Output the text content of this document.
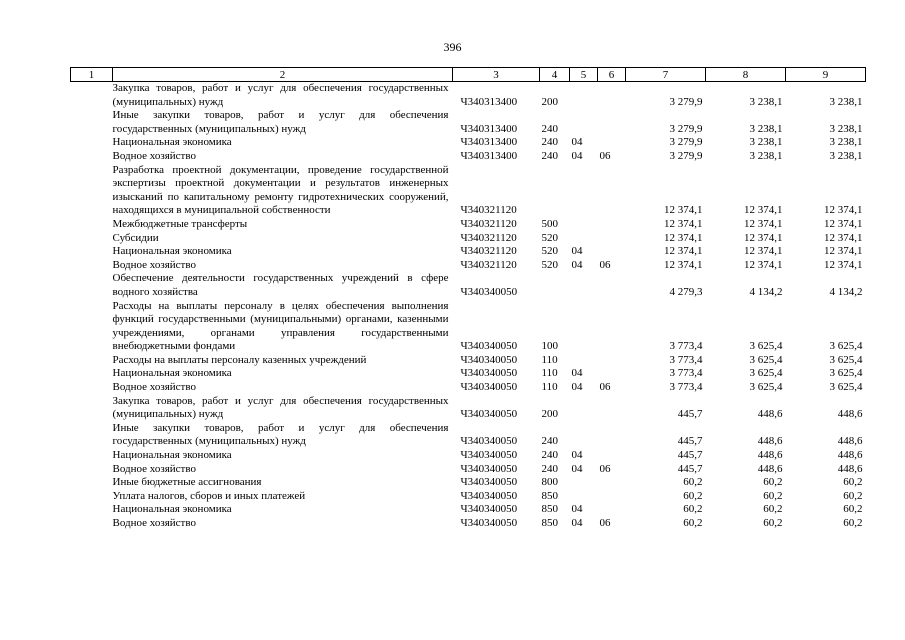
396
1	2	3	4	5	6	7	8	9
	Закупка товаров, работ и услуг для обеспечения государственных (муниципальных) нужд	Ч340313400	200			3 279,9	3 238,1	3 238,1
	Иные закупки товаров, работ и услуг для обеспечения государственных (муниципальных) нужд	Ч340313400	240			3 279,9	3 238,1	3 238,1
	Национальная экономика	Ч340313400	240	04		3 279,9	3 238,1	3 238,1
	Водное хозяйство	Ч340313400	240	04	06	3 279,9	3 238,1	3 238,1
	Разработка проектной документации, проведение государственной экспертизы проектной документации и результатов инженерных изысканий по капитальному ремонту гидротехнических сооружений, находящихся в муниципальной собственности	Ч340321120				12 374,1	12 374,1	12 374,1
	Межбюджетные трансферты	Ч340321120	500			12 374,1	12 374,1	12 374,1
	Субсидии	Ч340321120	520			12 374,1	12 374,1	12 374,1
	Национальная экономика	Ч340321120	520	04		12 374,1	12 374,1	12 374,1
	Водное хозяйство	Ч340321120	520	04	06	12 374,1	12 374,1	12 374,1
	Обеспечение деятельности государственных учреждений в сфере водного хозяйства	Ч340340050				4 279,3	4 134,2	4 134,2
	Расходы на выплаты персоналу в целях обеспечения выполнения функций государственными (муниципальными) органами, казенными учреждениями, органами управления государственными внебюджетными фондами	Ч340340050	100			3 773,4	3 625,4	3 625,4
	Расходы на выплаты персоналу казенных учреждений	Ч340340050	110			3 773,4	3 625,4	3 625,4
	Национальная экономика	Ч340340050	110	04		3 773,4	3 625,4	3 625,4
	Водное хозяйство	Ч340340050	110	04	06	3 773,4	3 625,4	3 625,4
	Закупка товаров, работ и услуг для обеспечения государственных (муниципальных) нужд	Ч340340050	200			445,7	448,6	448,6
	Иные закупки товаров, работ и услуг для обеспечения государственных (муниципальных) нужд	Ч340340050	240			445,7	448,6	448,6
	Национальная экономика	Ч340340050	240	04		445,7	448,6	448,6
	Водное хозяйство	Ч340340050	240	04	06	445,7	448,6	448,6
	Иные бюджетные ассигнования	Ч340340050	800			60,2	60,2	60,2
	Уплата налогов, сборов и иных платежей	Ч340340050	850			60,2	60,2	60,2
	Национальная экономика	Ч340340050	850	04		60,2	60,2	60,2
	Водное хозяйство	Ч340340050	850	04	06	60,2	60,2	60,2
